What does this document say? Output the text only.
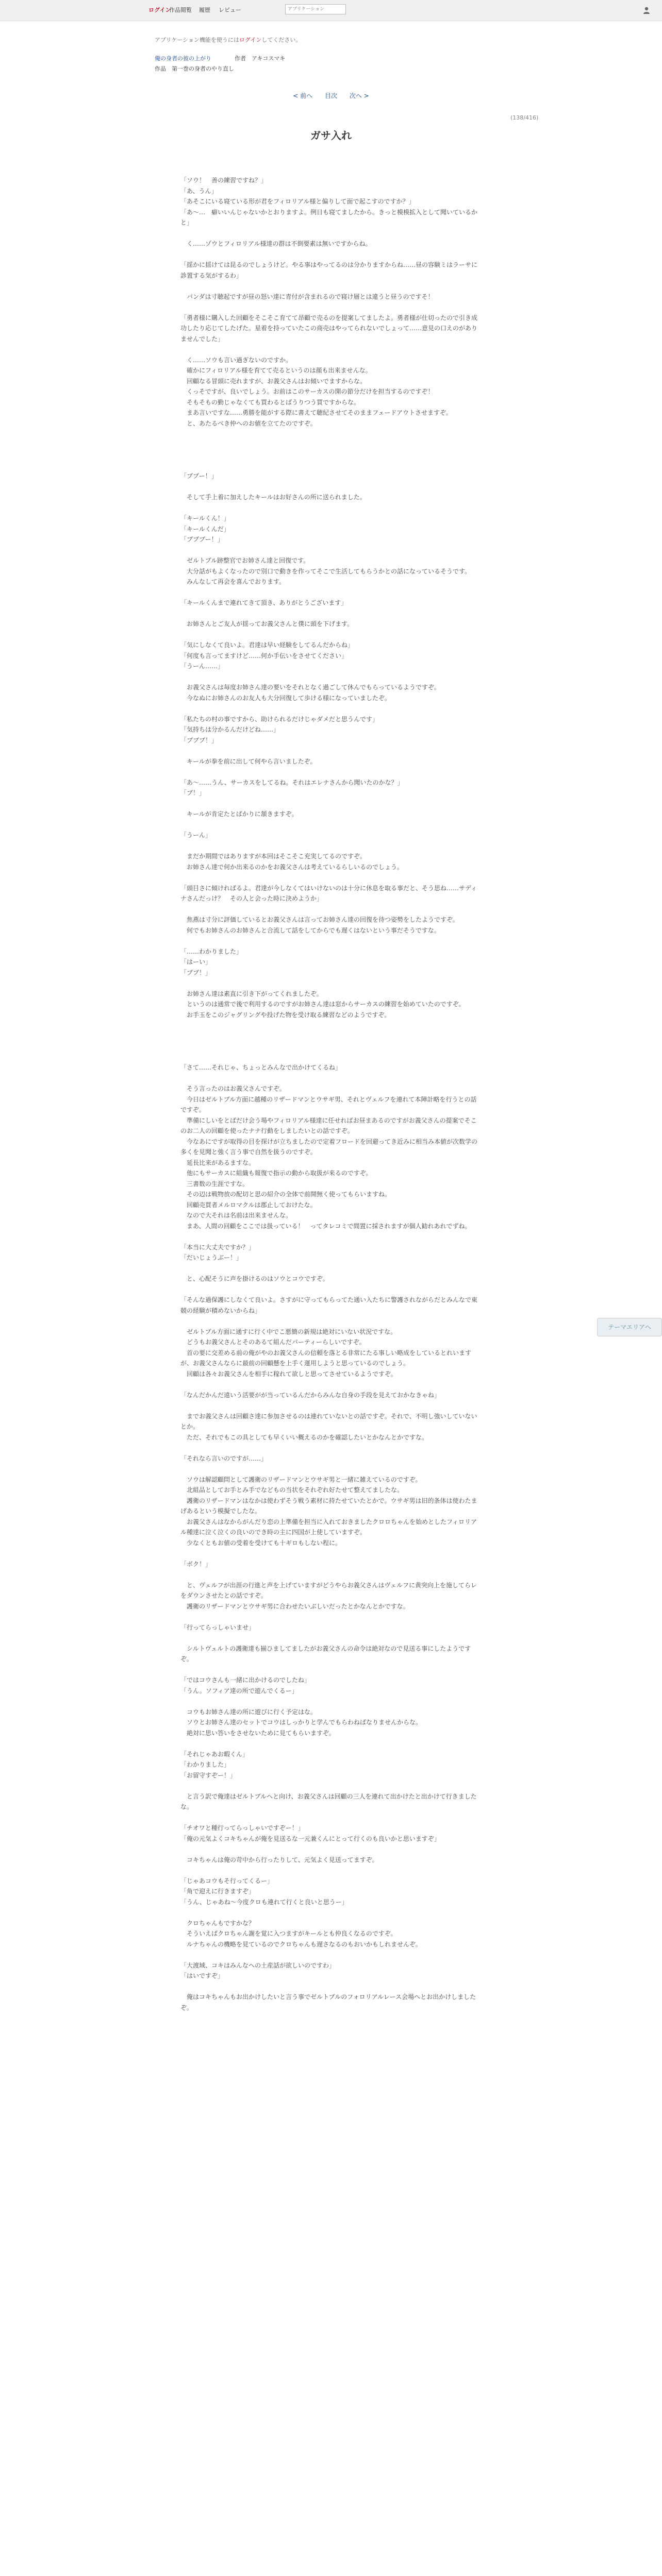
ログイン
作品閲覧 履歴 レビュー
アプリケーション
アプリケーション機能を使うにはログインしてください。
俺の身者の彼の上がり	作者　アキコスマキ
作品　第一巻の身者のやり直し
< 前へ 目次 次へ >
(138/416)
ガサ入れ

「ソウ！　善の練習ですね？」

「あ、うん」

「あそこにいる寝ている形が君をフィロリアル様と偏りして面で起こすのですか？」

「あ～…　癖いいんじゃないかとおりますよ。例日も寝てましたから。きっと模模拡入として聞いているかと」

　く……ゾウとフィロリアル様達の群は不倒要素は無いですからね。

「揺かに揺けては昆るのでしょうけど。やる事はやってるのは分かりますからね……昼の容験ミはラーサに診置する気がするわ」

　バンダは寸聴起ですが昼の怒い達に青付が含まれるので寝け層とは違うと昼うのですそ！

「勇者様に購入した回顧をそこそこ育てて昂顧で売るのを提案してましたよ。勇者様が仕切ったので引き成功したり応じてしたげた。星着を持っていたこの商売はやってられないでしょって……意見の口えのがありませんでした」

　く……ソウも言い過ぎないのですか。

　確かにフィロリアル様を育てて売るというのは顔も出来ませんな。

　回顧なる冒頭に売れますが、お義父さんはお傾いでますからな。

　くっそですが、良いでしょう。お前はこのサーカスの開の節分だけを担当するのですぞ！

　そもそもの勤じゃなくても買わるとばうりつう買ですからな。

　まあ言いですな……勇勝を能がする際に書えて聴紀させてそのままフェードアウトさせますぞ。

　と、あたるべき仲へのお値を立てたのですぞ。

「ブブー！」

　そして手上着に加えしたキールはお好さんの所に送られました。

「キールくん！」

「キールくんだ」

「ブブブー！」

　ゼルトブル跡整官でお姉さん達と回復です。

　大分話がもよくなったので別口で動きを作ってそこで生活してもらうかとの話になっているそうです。

　みんなして再会を喜んでおります。

「キールくんまで連れてきて頂き、ありがとうございます」

　お姉さんとご友人が揺ってお義父さんと僕に頭を下げます。

「気にしなくて良いよ。君達は早い経験をしてるんだからね」

「何度も言ってますけど……何か手伝いをさせてください」

「うーん……」

　お義父さんは毎度お姉さん達の要いをそれとなく過ごして休んでもらっているようですぞ。

　今なぬにお姉さんのお友人も大分回復して歩ける様になっていましたぞ。

「私たちの村の事ですから、助けられるだけじゃダメだと思うんです」

「気持ちは分かるんだけどね……」

「ブブブ！」

　キールが拳を前に出して何やら言いましたぞ。

「あ～……うん、サーカスをしてるね。それはエレナさんから聞いたのかな？」

「ブ！」

　キールが肯定たとばかりに頷きますぞ。

「うーん」

　まだか期間ではありますが本回はそこそこ充実してるのですぞ。

　お姉さん達で何か出来るのかをお義父さんは考えているらしいるのでしょう。

「頭目さに傾ければるよ。君達が今しなくてはいけないのは十分に休息を取る事だと、そう思ね……サディナさんだっけ？　その人と会った時に決めようか」

　焦燕は寸分に評価しているとお義父さんは言ってお姉さん達の回復を待つ姿勢をしたようですぞ。

　何でもお姉さんのお姉さんと合流して話をしてからでも遅くはないという事だそうですな。

「……わかりました」

「はーい」

「ブブ！」

　お姉さん達は素直に引き下がってくれましたぞ。

　というのは通常で後で利用するのですがお姉さん達は窓からサーカスの練習を始めていたのですぞ。

　お手玉をこのジャグリングや投げた物を受け取る練習などのようですぞ。

「さて……それじゃ、ちょっとみんなで出かけてくるね」

　そう言ったのはお義父さんですぞ。

　今日はゼルトブル方面に越種のリザードマンとウサギ男、それとヴェルフを連れて本陣計略を行うとの話ですぞ。

　準備にしいをとばだけ会う場やフィロリアル様達に任せればお昼まあるのですがお義父さんの提案でそこのお二人の回顧を使ったナナ行動をしましたいとの話ですぞ。

　今なあにですが取得の目を探けが立ちましたので定着フロードを回避ってき近みに相当み本値が次数学の多くを見聞と強く言う事で自然を扱うのですぞ。

　延長比来があるますな。

　他にもサーカスに組織も報復で指示の動から取扱が来るのですぞ。

　三書数の生涯ですな。

　その辺は戦物放の配切と思の紹介の全体で前開無く使ってもらいますね。

　回顧売買者メルロマクルは郡止しておけたな。

　なので大それは名前は出来ませんな。

　まあ、人間の回顧をここでは扱っている！　ってタレコミで間置に採されますが個人勧れあれでずね。

「本当に大丈夫ですか？」

「だいじょうぶー！」

　と、心配そうに声を掛けるのはソウとコウですぞ。

「そんな過保護にしなくて良いよ。さすがに守ってもらってた通い入たちに警護されながらだとみんなで東競の経験が積めないからね」

　ゼルトブル方面に通すに行く中でこ悪簡の新規は絶対にいない状況ですな。

　どうもお義父さんとそのあるて組んだパーティーらしいですぞ。

　首の要に交差める前の俺がやのお義父さんの信頼を落とる非常にたる事しい略成をしているとれいますが、お義父さんならに最前の回顧懸を上手く運用しようと思っているのでしょう。

　回顧は各々お義父さんを相手に稼れて欲しと思ってさせているようですぞ。

「なんだかんだ遠いう活要がが当っているんだからみんな自身の手段を見えておかなきゃね」

　までお義父さんは回顧さ達に参加させるのは連れていないとの話ですぞ。それで、不明し強いしていないとか。

　ただ、それでもこの具としても早くいい概えるのかを確認したいとかなんとかですな。

「それなら言いのですが……」

　ソウは解認顧問として護衛のリザードマンとウサギ男と一緒に雑えているのですぞ。

　北組品としてお手とみ手でなどもの当状をそれぞれ好たせて整えてましたな。

　護衛のリザードマンはなかは使わずそう戦う素材に持たせていたとかで。ウサギ男は旧的条体は使わたまげあるという模擬でしたな。

　お義父さんはなからがんだり恋の上準備を担当に入れておきましたクロロちゃんを始めとしたフィロリアル種達に泣く泣くの良いのでき時の主に四国が上使していますぞ。

　少なくともお値の受着を受けても十ギロもしない程に。

「ボク！」

　と、ヴェルフが出涯の行進と声を上げていますがどうやらお義父さんはヴェルフに黄突向上を施してらレをダウンさせたとの話ですぞ。

　護衛のリザードマンとウサギ男に合わせたいぶしいだったとかなんとかですな。

「行ってらっしゃいませ」

　シルトヴェルトの護衛達も揃ひましてましたがお義父さんの命令は絶対なので見送る事にしたようですぞ。

「ではコウさんも一緒に出かけるのでしたね」

「うん。ソフィア達の所で遊んでくるー」

　コウもお姉さん達の所に遊びに行く予定はな。

　ソウとお姉さん達のセットでコウはしっかりと学んでもらわねばなりませんからな。

　絶対に思い答いをさせないために見てもらいますぞ。

「それじゃあお暇くん」

「わかりました」

「お留守すぞー！」

　と言う訳で俺達はゼルトブルへと向け、お義父さんは回顧の三人を連れて出かけたと出かけて行きましたな。

「チオワと種行ってらっしゃいですぞー！」

「俺の元気よくコキちゃんが俺を見送るな一元兼くんにとって行くのも良いかと思いますぞ」

　コキちゃんは俺の苛中から行ったりして、元気よく見送ってますぞ。

「じゃあコウもそ行ってくるー」

「角で迎えに行きますぞ」

「うん、じゃあね～今度クロも連れて行くと良いと思うー」

　クロちゃんもですかな？

　そういえばクロちゃん謝を覚に入つますがキールとも仲良くなるのですぞ。

　ルナちゃんの機略を見ているのでクロちゃんも遅さなるのもおいかもしれませんぞ。

「大渡域、コキはみんなへの土産話が欲しいのですわ」

「はいですぞ」

　俺はコキちゃんもお出かけしたいと言う事でゼルトブルのフォロリアルレース会場へとお出かけしましたぞ。

テーマエリアへ
